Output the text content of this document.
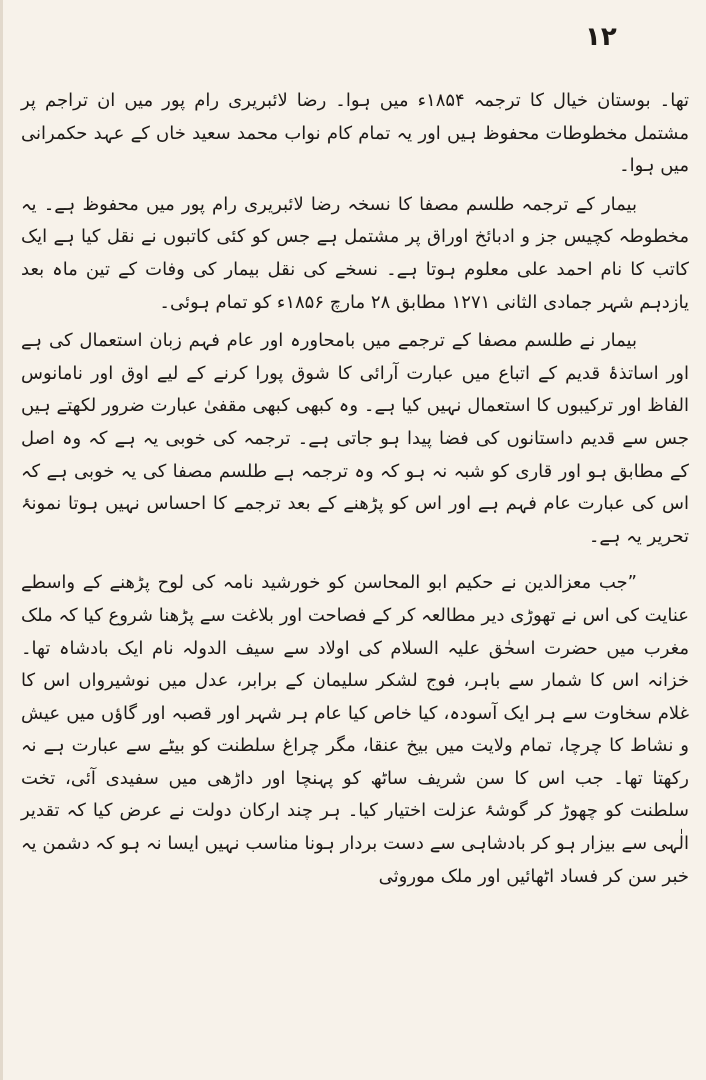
۱۲

تھا۔ بوستان خیال کا ترجمہ ۱۸۵۴ء میں ہوا۔ رضا لائبریری رام پور میں ان تراجم پر مشتمل مخطوطات محفوظ ہیں اور یہ تمام کام نواب محمد سعید خاں کے عہد حکمرانی میں ہوا۔

بیمار کے ترجمہ طلسم مصفا کا نسخہ رضا لائبریری رام پور میں محفوظ ہے۔ یہ مخطوطہ کچیس جز و ادبائخ اوراق پر مشتمل ہے جس کو کئی کاتبوں نے نقل کیا ہے ایک کاتب کا نام احمد علی معلوم ہوتا ہے۔ نسخے کی نقل بیمار کی وفات کے تین ماہ بعد یازدہم شہر جمادی الثانی ۱۲۷۱ مطابق ۲۸ مارچ ۱۸۵۶ء کو تمام ہوئی۔

بیمار نے طلسم مصفا کے ترجمے میں بامحاورہ اور عام فہم زبان استعمال کی ہے اور اساتذۂ قدیم کے اتباع میں عبارت آرائی کا شوق پورا کرنے کے لیے اوق اور نامانوس الفاظ اور ترکیبوں کا استعمال نہیں کیا ہے۔ وہ کبھی کبھی مقفیٰ عبارت ضرور لکھتے ہیں جس سے قدیم داستانوں کی فضا پیدا ہو جاتی ہے۔ ترجمہ کی خوبی یہ ہے کہ وہ اصل کے مطابق ہو اور قاری کو شبہ نہ ہو کہ وہ ترجمہ ہے طلسم مصفا کی یہ خوبی ہے کہ اس کی عبارت عام فہم ہے اور اس کو پڑھنے کے بعد ترجمے کا احساس نہیں ہوتا نمونۂ تحریر یہ ہے۔

”جب معزالدین نے حکیم ابو المحاسن کو خورشید نامہ کی لوح پڑھنے کے واسطے عنایت کی اس نے تھوڑی دیر مطالعہ کر کے فصاحت اور بلاغت سے پڑھنا شروع کیا کہ ملک مغرب میں حضرت اسحٰق علیہ السلام کی اولاد سے سیف الدولہ نام ایک بادشاہ تھا۔ خزانہ اس کا شمار سے باہر، فوج لشکر سلیمان کے برابر، عدل میں نوشیرواں اس کا غلام سخاوت سے ہر ایک آسودہ، کیا خاص کیا عام ہر شہر اور قصبہ اور گاؤں میں عیش و نشاط کا چرچا، تمام ولایت میں بیخ عنقا، مگر چراغ سلطنت کو بیٹے سے عبارت ہے نہ رکھتا تھا۔ جب اس کا سن شریف ساٹھ کو پہنچا اور داڑھی میں سفیدی آئی، تخت سلطنت کو چھوڑ کر گوشۂ عزلت اختیار کیا۔ ہر چند ارکان دولت نے عرض کیا کہ تقدیر الٰہی سے بیزار ہو کر بادشاہی سے دست بردار ہونا مناسب نہیں ایسا نہ ہو کہ دشمن یہ خبر سن کر فساد اٹھائیں اور ملک موروثی
